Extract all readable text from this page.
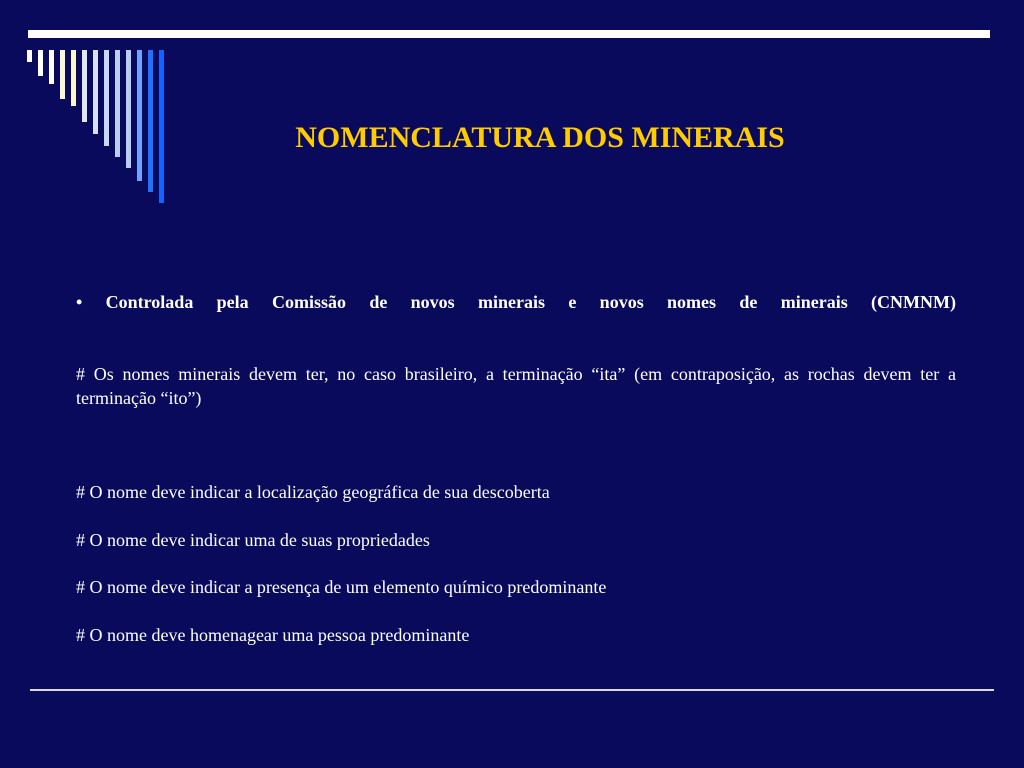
NOMENCLATURA DOS MINERAIS

• Controlada pela Comissão de novos minerais e novos nomes de minerais (CNMNM)

# Os nomes minerais devem ter, no caso brasileiro, a terminação “ita” (em contraposição, as rochas devem ter a terminação “ito”)

# O nome deve indicar a localização geográfica de sua descoberta

# O nome deve indicar uma de suas propriedades

# O nome deve indicar a presença de um elemento químico predominante

# O nome deve homenagear uma pessoa predominante
